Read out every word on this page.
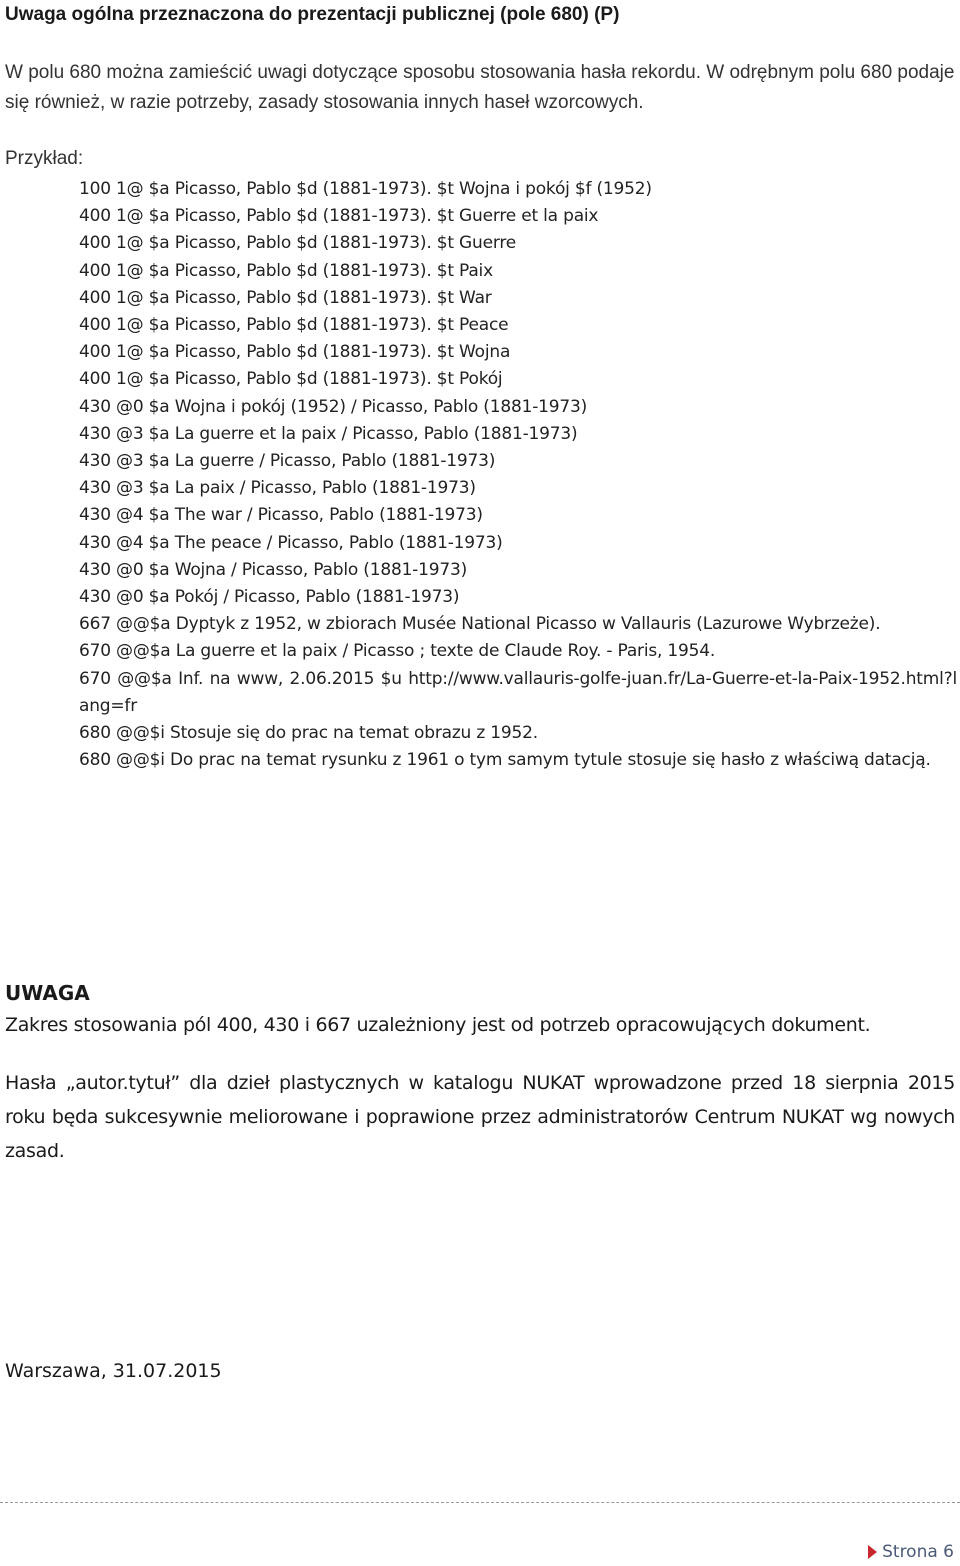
Uwaga ogólna przeznaczona do prezentacji publicznej (pole 680) (P)

W polu 680 można zamieścić uwagi dotyczące sposobu stosowania hasła rekordu. W odrębnym polu 680 podaje się również, w razie potrzeby, zasady stosowania innych haseł wzorcowych.

Przykład:

100 1@ $a Picasso, Pablo $d (1881-1973). $t Wojna i pokój $f (1952)

400 1@ $a Picasso, Pablo $d (1881-1973). $t Guerre et la paix

400 1@ $a Picasso, Pablo $d (1881-1973). $t Guerre

400 1@ $a Picasso, Pablo $d (1881-1973). $t Paix

400 1@ $a Picasso, Pablo $d (1881-1973). $t War

400 1@ $a Picasso, Pablo $d (1881-1973). $t Peace

400 1@ $a Picasso, Pablo $d (1881-1973). $t Wojna

400 1@ $a Picasso, Pablo $d (1881-1973). $t Pokój

430 @0 $a Wojna i pokój (1952) / Picasso, Pablo (1881-1973)

430 @3 $a La guerre et la paix / Picasso, Pablo (1881-1973)

430 @3 $a La guerre / Picasso, Pablo (1881-1973)

430 @3 $a La paix / Picasso, Pablo (1881-1973)

430 @4 $a The war / Picasso, Pablo (1881-1973)

430 @4 $a The peace / Picasso, Pablo (1881-1973)

430 @0 $a Wojna / Picasso, Pablo (1881-1973)

430 @0 $a Pokój / Picasso, Pablo (1881-1973)

667 @@$a Dyptyk z 1952, w zbiorach Musée National Picasso w Vallauris (Lazurowe Wybrzeże).

670 @@$a La guerre et la paix / Picasso ; texte de Claude Roy. - Paris, 1954.

670 @@$a Inf. na www, 2.06.2015 $u http://www.vallauris-golfe-juan.fr/La-Guerre-et-la-Paix-1952.html?lang=fr

680 @@$i Stosuje się do prac na temat obrazu z 1952.

680 @@$i Do prac na temat rysunku z 1961 o tym samym tytule stosuje się hasło z właściwą datacją.

UWAGA
Zakres stosowania pól 400, 430 i 667 uzależniony jest od potrzeb opracowujących dokument.

Hasła „autor.tytuł” dla dzieł plastycznych w katalogu NUKAT wprowadzone przed 18 sierpnia 2015 roku będa sukcesywnie meliorowane i poprawione przez administratorów Centrum NUKAT wg nowych zasad.

Warszawa, 31.07.2015
Strona 6
